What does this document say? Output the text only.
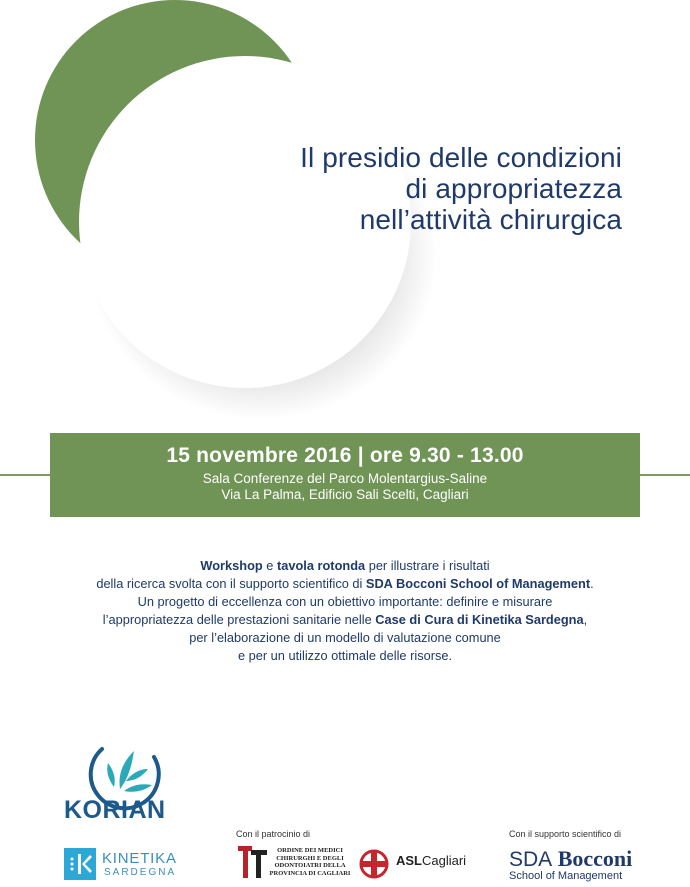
Il presidio delle condizioni
di appropriatezza
nell’attività chirurgica
15 novembre 2016 | ore 9.30 - 13.00
Sala Conferenze del Parco Molentargius-Saline
Via La Palma, Edificio Sali Scelti, Cagliari

Workshop e tavola rotonda per illustrare i risultati

della ricerca svolta con il supporto scientifico di SDA Bocconi School of Management.

Un progetto di eccellenza con un obiettivo importante: definire e misurare

l’appropriatezza delle prestazioni sanitarie nelle Case di Cura di Kinetika Sardegna,

per l’elaborazione di un modello di valutazione comune

e per un utilizzo ottimale delle risorse.

KORIAN
KINETIKA
SARDEGNA
Con il patrocinio di
ORDINE DEI MEDICI CHIRURGHI E DEGLI ODONTOIATRI DELLA PROVINCIA DI CAGLIARI
ASLCagliari
Con il supporto scientifico di
SDA Bocconi
School of Management
